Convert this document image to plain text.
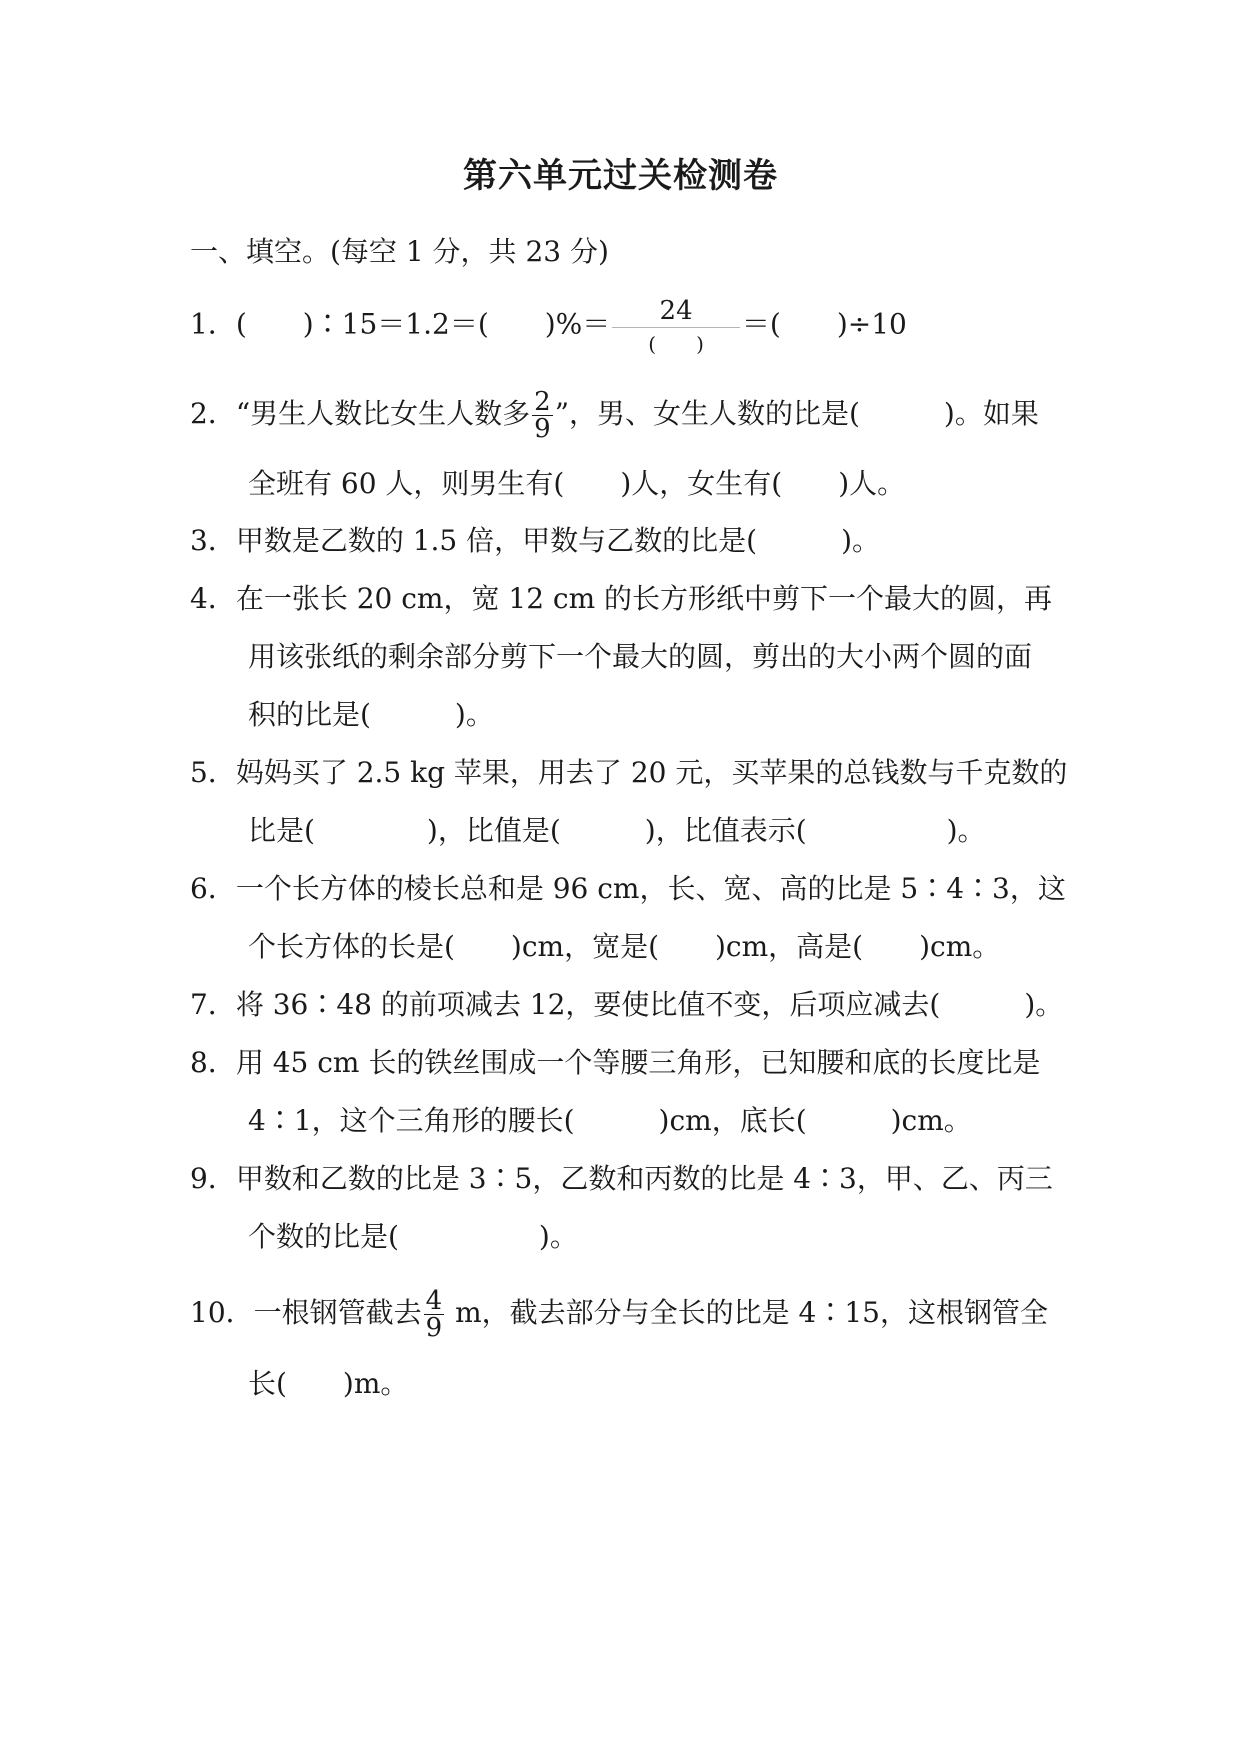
第六单元过关检测卷
一、填空。(每空 1 分，共 23 分)
1．(　　)∶15＝1.2＝(　　)%＝ $\frac{24}{( )}$ ＝(　　)÷10
2．“男生人数比女生人数多 $\frac{2}{9}$ ”，男、女生人数的比是(　　　)。如果
全班有 60 人，则男生有(　　)人，女生有(　　)人。
3．甲数是乙数的 1.5 倍，甲数与乙数的比是(　　　)。
4．在一张长 20 cm，宽 12 cm 的长方形纸中剪下一个最大的圆，再
用该张纸的剩余部分剪下一个最大的圆，剪出的大小两个圆的面
积的比是(　　　)。
5．妈妈买了 2.5 kg 苹果，用去了 20 元，买苹果的总钱数与千克数的
比是(　　　　)，比值是(　　　)，比值表示(　　　　　)。
6．一个长方体的棱长总和是 96 cm，长、宽、高的比是 5∶4∶3，这
个长方体的长是(　　)cm，宽是(　　)cm，高是(　　)cm。
7．将 36∶48 的前项减去 12，要使比值不变，后项应减去(　　　)。
8．用 45 cm 长的铁丝围成一个等腰三角形，已知腰和底的长度比是
4∶1，这个三角形的腰长(　　　)cm，底长(　　　)cm。
9．甲数和乙数的比是 3∶5，乙数和丙数的比是 4∶3，甲、乙、丙三
个数的比是(　　　　　)。
10．一根钢管截去 $\frac{4}{9}$ m，截去部分与全长的比是 4∶15，这根钢管全
长(　　)m。
